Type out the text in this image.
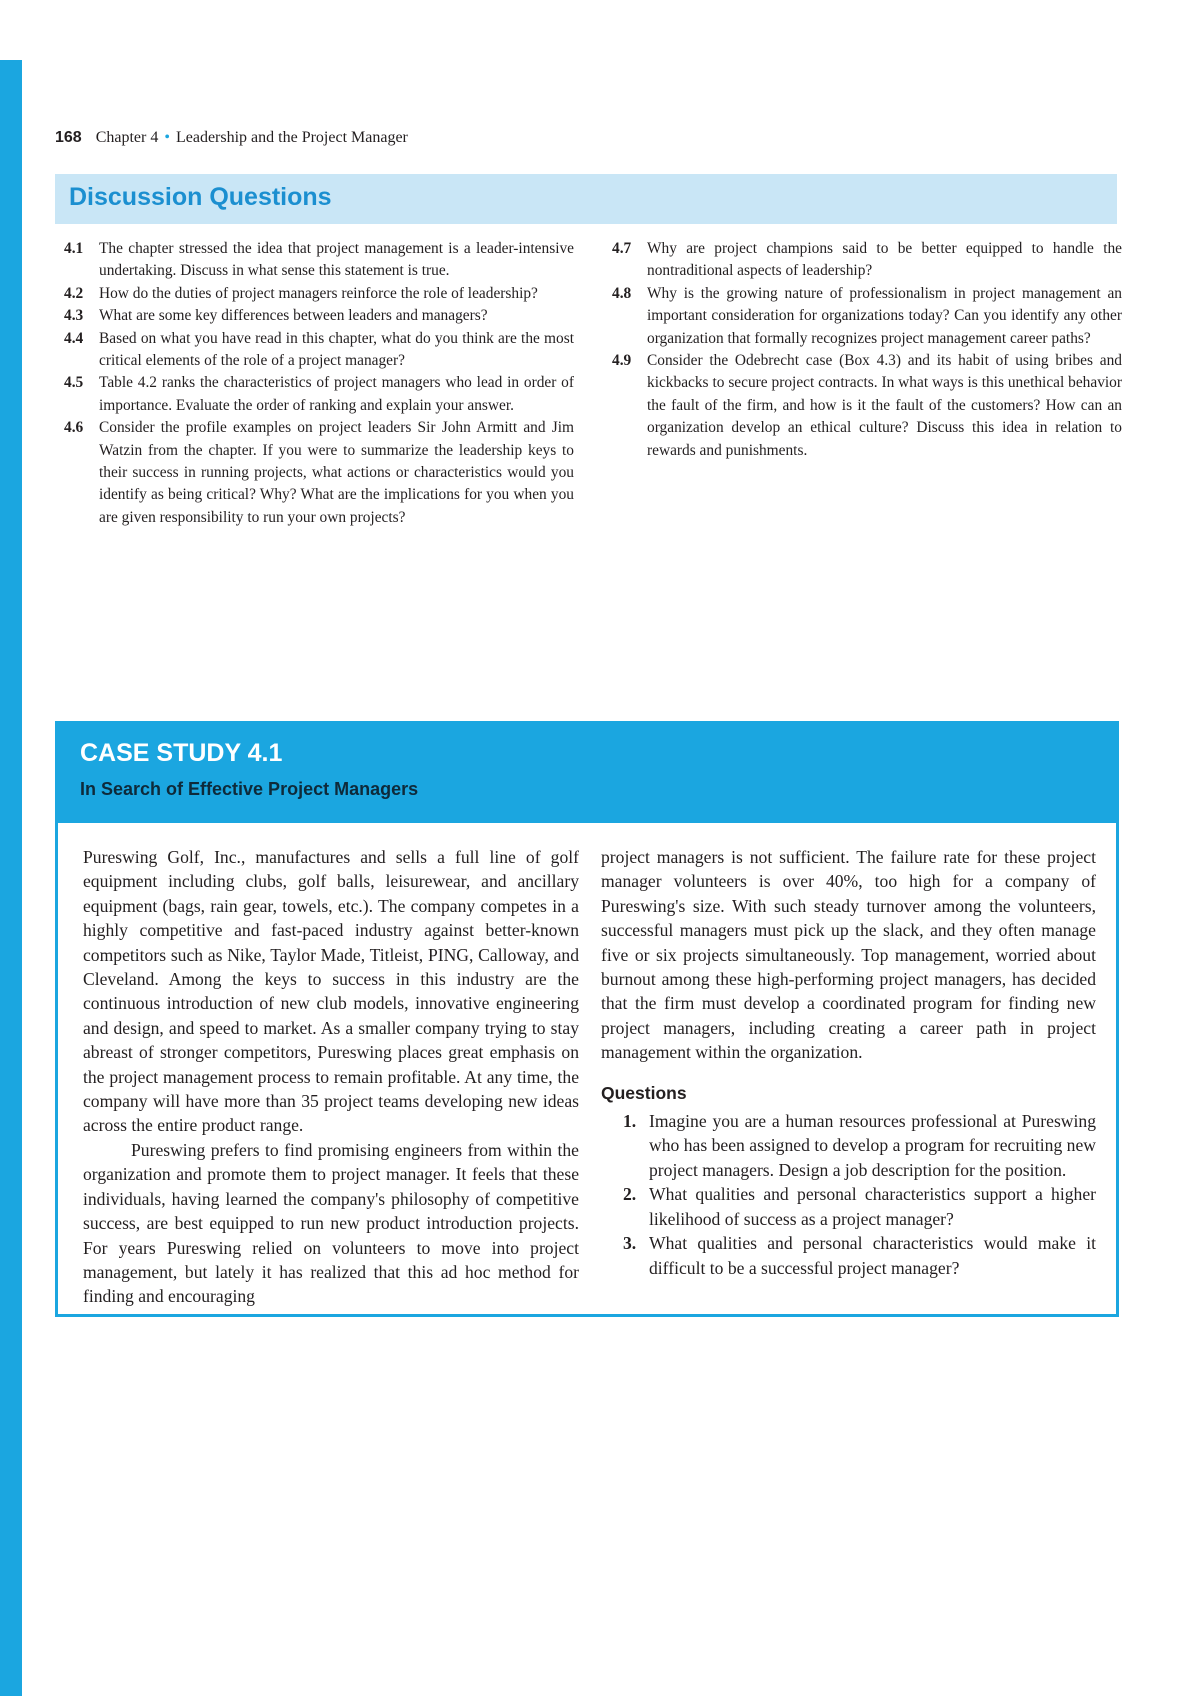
168 Chapter 4 • Leadership and the Project Manager
Discussion Questions

4.1 The chapter stressed the idea that project management is a leader-intensive undertaking. Discuss in what sense this statement is true.

4.2 How do the duties of project managers reinforce the role of leadership?

4.3 What are some key differences between leaders and managers?

4.4 Based on what you have read in this chapter, what do you think are the most critical elements of the role of a project manager?

4.5 Table 4.2 ranks the characteristics of project managers who lead in order of importance. Evaluate the order of ranking and explain your answer.

4.6 Consider the profile examples on project leaders Sir John Armitt and Jim Watzin from the chapter. If you were to summarize the leadership keys to their success in running projects, what actions or characteristics would you identify as being critical? Why? What are the implications for you when you are given responsibility to run your own projects?

4.7 Why are project champions said to be better equipped to handle the nontraditional aspects of leadership?

4.8 Why is the growing nature of professionalism in project management an important consideration for organizations today? Can you identify any other organization that formally recognizes project management career paths?

4.9 Consider the Odebrecht case (Box 4.3) and its habit of using bribes and kickbacks to secure project contracts. In what ways is this unethical behavior the fault of the firm, and how is it the fault of the customers? How can an organization develop an ethical culture? Discuss this idea in relation to rewards and punishments.

CASE STUDY 4.1
In Search of Effective Project Managers

Pureswing Golf, Inc., manufactures and sells a full line of golf equipment including clubs, golf balls, leisurewear, and ancillary equipment (bags, rain gear, towels, etc.). The company competes in a highly competitive and fast-paced industry against better-known competitors such as Nike, Taylor Made, Titleist, PING, Calloway, and Cleveland. Among the keys to success in this industry are the continuous introduction of new club models, innovative engineering and design, and speed to market. As a smaller company trying to stay abreast of stronger competitors, Pureswing places great emphasis on the project management process to remain profitable. At any time, the company will have more than 35 project teams developing new ideas across the entire product range.

Pureswing prefers to find promising engineers from within the organization and promote them to project manager. It feels that these individuals, having learned the company's philosophy of competitive success, are best equipped to run new product introduction projects. For years Pureswing relied on volunteers to move into project management, but lately it has realized that this ad hoc method for finding and encouraging

project managers is not sufficient. The failure rate for these project manager volunteers is over 40%, too high for a company of Pureswing's size. With such steady turnover among the volunteers, successful managers must pick up the slack, and they often manage five or six projects simultaneously. Top management, worried about burnout among these high-performing project managers, has decided that the firm must develop a coordinated program for finding new project managers, including creating a career path in project management within the organization.

Questions

1. Imagine you are a human resources professional at Pureswing who has been assigned to develop a program for recruiting new project managers. Design a job description for the position.

2. What qualities and personal characteristics support a higher likelihood of success as a project manager?

3. What qualities and personal characteristics would make it difficult to be a successful project manager?
